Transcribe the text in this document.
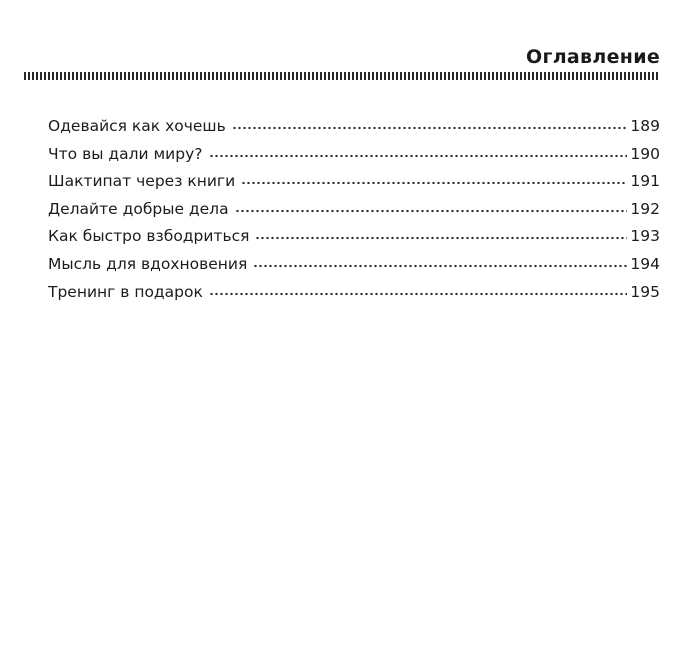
Оглавление
Одевайся как хочешь	189
Что вы дали миру?	190
Шактипат через книги	191
Делайте добрые дела	192
Как быстро взбодриться	193
Мысль для вдохновения	194
Тренинг в подарок	195
